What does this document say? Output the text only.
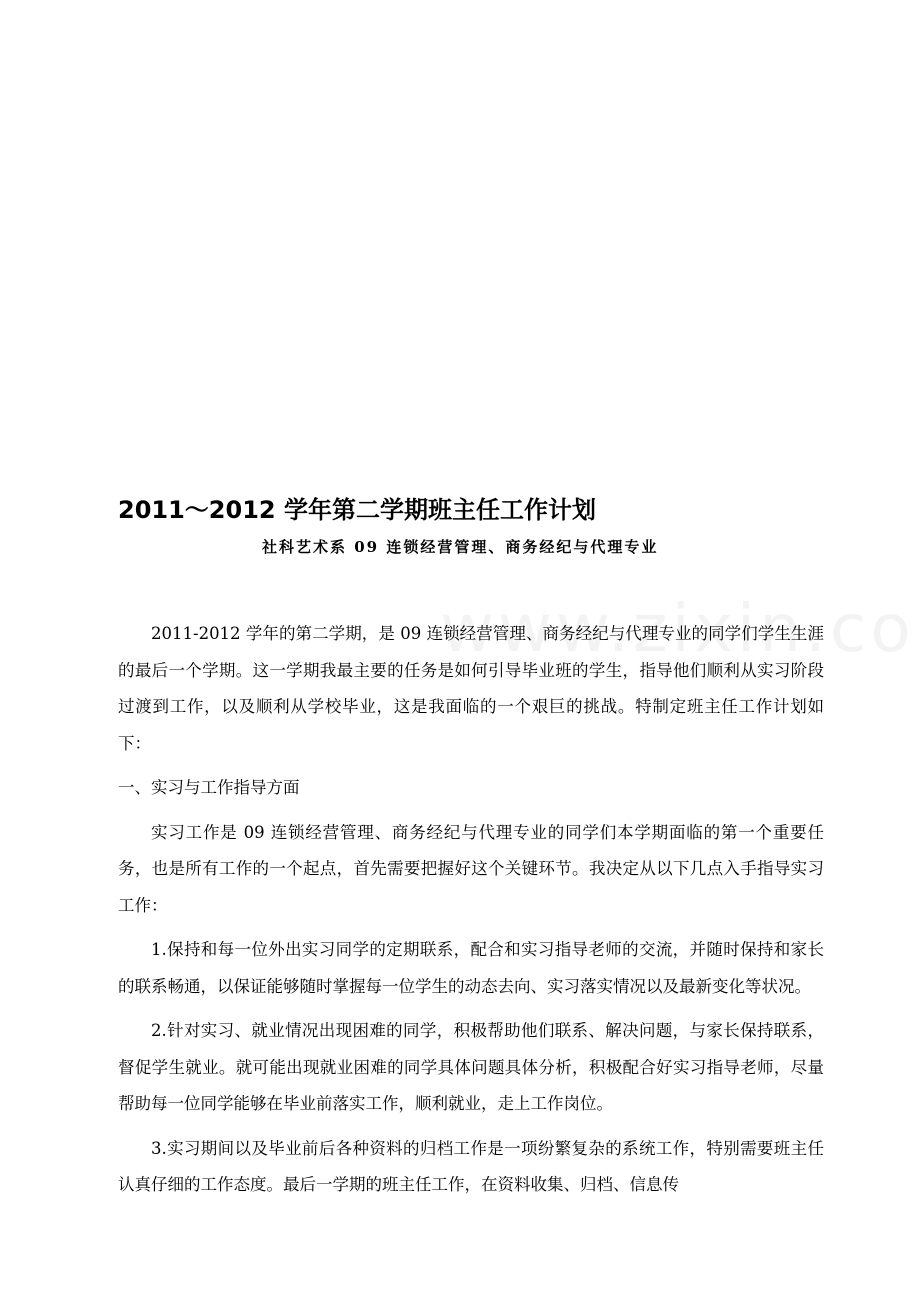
2011～2012 学年第二学期班主任工作计划
社科艺术系 09 连锁经营管理、商务经纪与代理专业

2011-2012 学年的第二学期，是 09 连锁经营管理、商务经纪与代理专业的同学们学生生涯的最后一个学期。这一学期我最主要的任务是如何引导毕业班的学生，指导他们顺利从实习阶段过渡到工作，以及顺利从学校毕业，这是我面临的一个艰巨的挑战。特制定班主任工作计划如下：

一、实习与工作指导方面

实习工作是 09 连锁经营管理、商务经纪与代理专业的同学们本学期面临的第一个重要任务，也是所有工作的一个起点，首先需要把握好这个关键环节。我决定从以下几点入手指导实习工作：

1.保持和每一位外出实习同学的定期联系，配合和实习指导老师的交流，并随时保持和家长的联系畅通，以保证能够随时掌握每一位学生的动态去向、实习落实情况以及最新变化等状况。

2.针对实习、就业情况出现困难的同学，积极帮助他们联系、解决问题，与家长保持联系，督促学生就业。就可能出现就业困难的同学具体问题具体分析，积极配合好实习指导老师，尽量帮助每一位同学能够在毕业前落实工作，顺利就业，走上工作岗位。

3.实习期间以及毕业前后各种资料的归档工作是一项纷繁复杂的系统工作，特别需要班主任认真仔细的工作态度。最后一学期的班主任工作，在资料收集、归档、信息传
